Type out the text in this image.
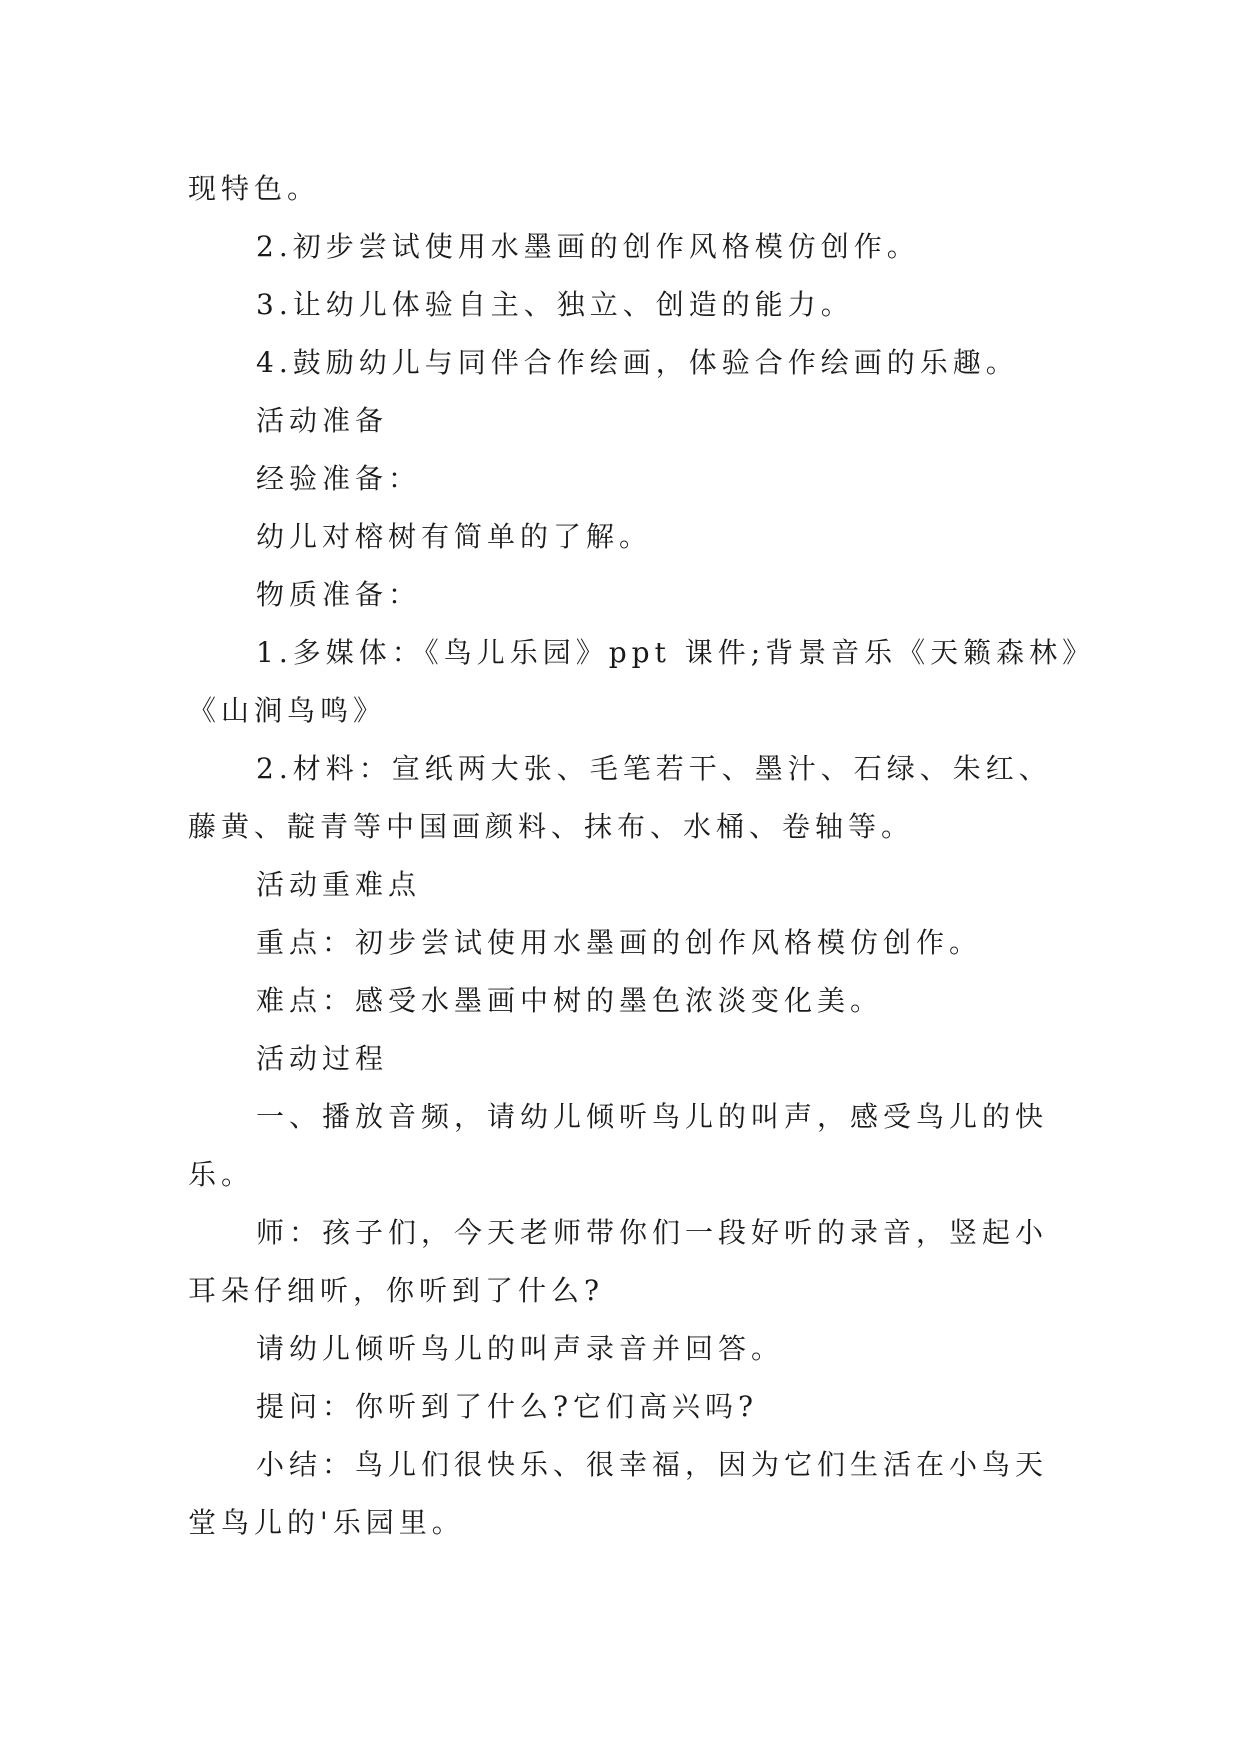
现特色。
2.初步尝试使用水墨画的创作风格模仿创作。
3.让幼儿体验自主、独立、创造的能力。
4.鼓励幼儿与同伴合作绘画，体验合作绘画的乐趣。
活动准备
经验准备：
幼儿对榕树有简单的了解。
物质准备：
1.多媒体：《鸟儿乐园》ppt 课件;背景音乐《天籁森林》
《山涧鸟鸣》
2.材料：宣纸两大张、毛笔若干、墨汁、石绿、朱红、
藤黄、靛青等中国画颜料、抹布、水桶、卷轴等。
活动重难点
重点：初步尝试使用水墨画的创作风格模仿创作。
难点：感受水墨画中树的墨色浓淡变化美。
活动过程
一、播放音频，请幼儿倾听鸟儿的叫声，感受鸟儿的快
乐。
师：孩子们，今天老师带你们一段好听的录音，竖起小
耳朵仔细听，你听到了什么?
请幼儿倾听鸟儿的叫声录音并回答。
提问：你听到了什么?它们高兴吗?
小结：鸟儿们很快乐、很幸福，因为它们生活在小鸟天
堂鸟儿的'乐园里。
